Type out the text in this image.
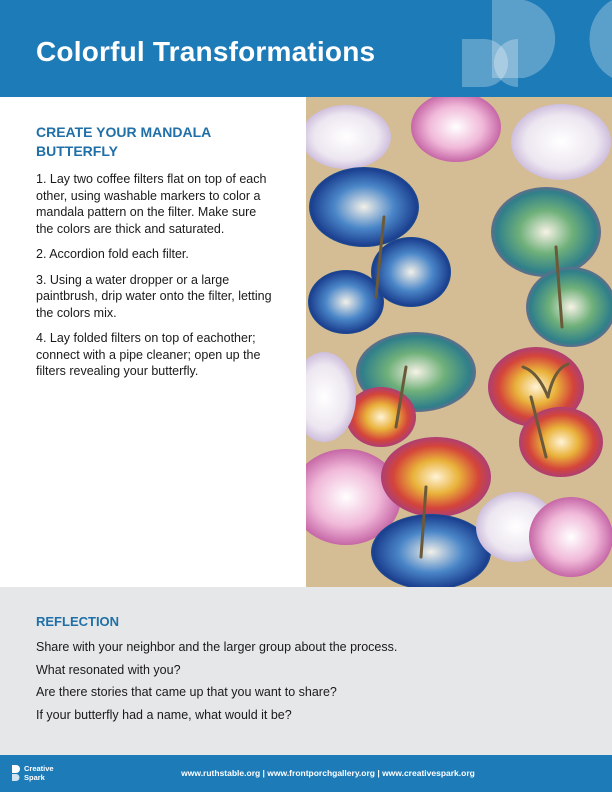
Colorful Transformations

CREATE YOUR MANDALA
BUTTERFLY

1. Lay two coffee filters flat on top of each other, using washable markers to color a mandala pattern on the filter. Make sure the colors are thick and saturated.

2. Accordion fold each filter.

3. Using a water dropper or a large paintbrush, drip water onto the filter, letting the colors mix.

4. Lay folded filters on top of eachother; connect with a pipe cleaner; open up the filters revealing your butterfly.

REFLECTION
Share with your neighbor and the larger group about the process.
What resonated with you?
Are there stories that came up that you want to share?
If your butterfly had a name, what would it be?
Creative
Spark	www.ruthstable.org | www.frontporchgallery.org | www.creativespark.org
